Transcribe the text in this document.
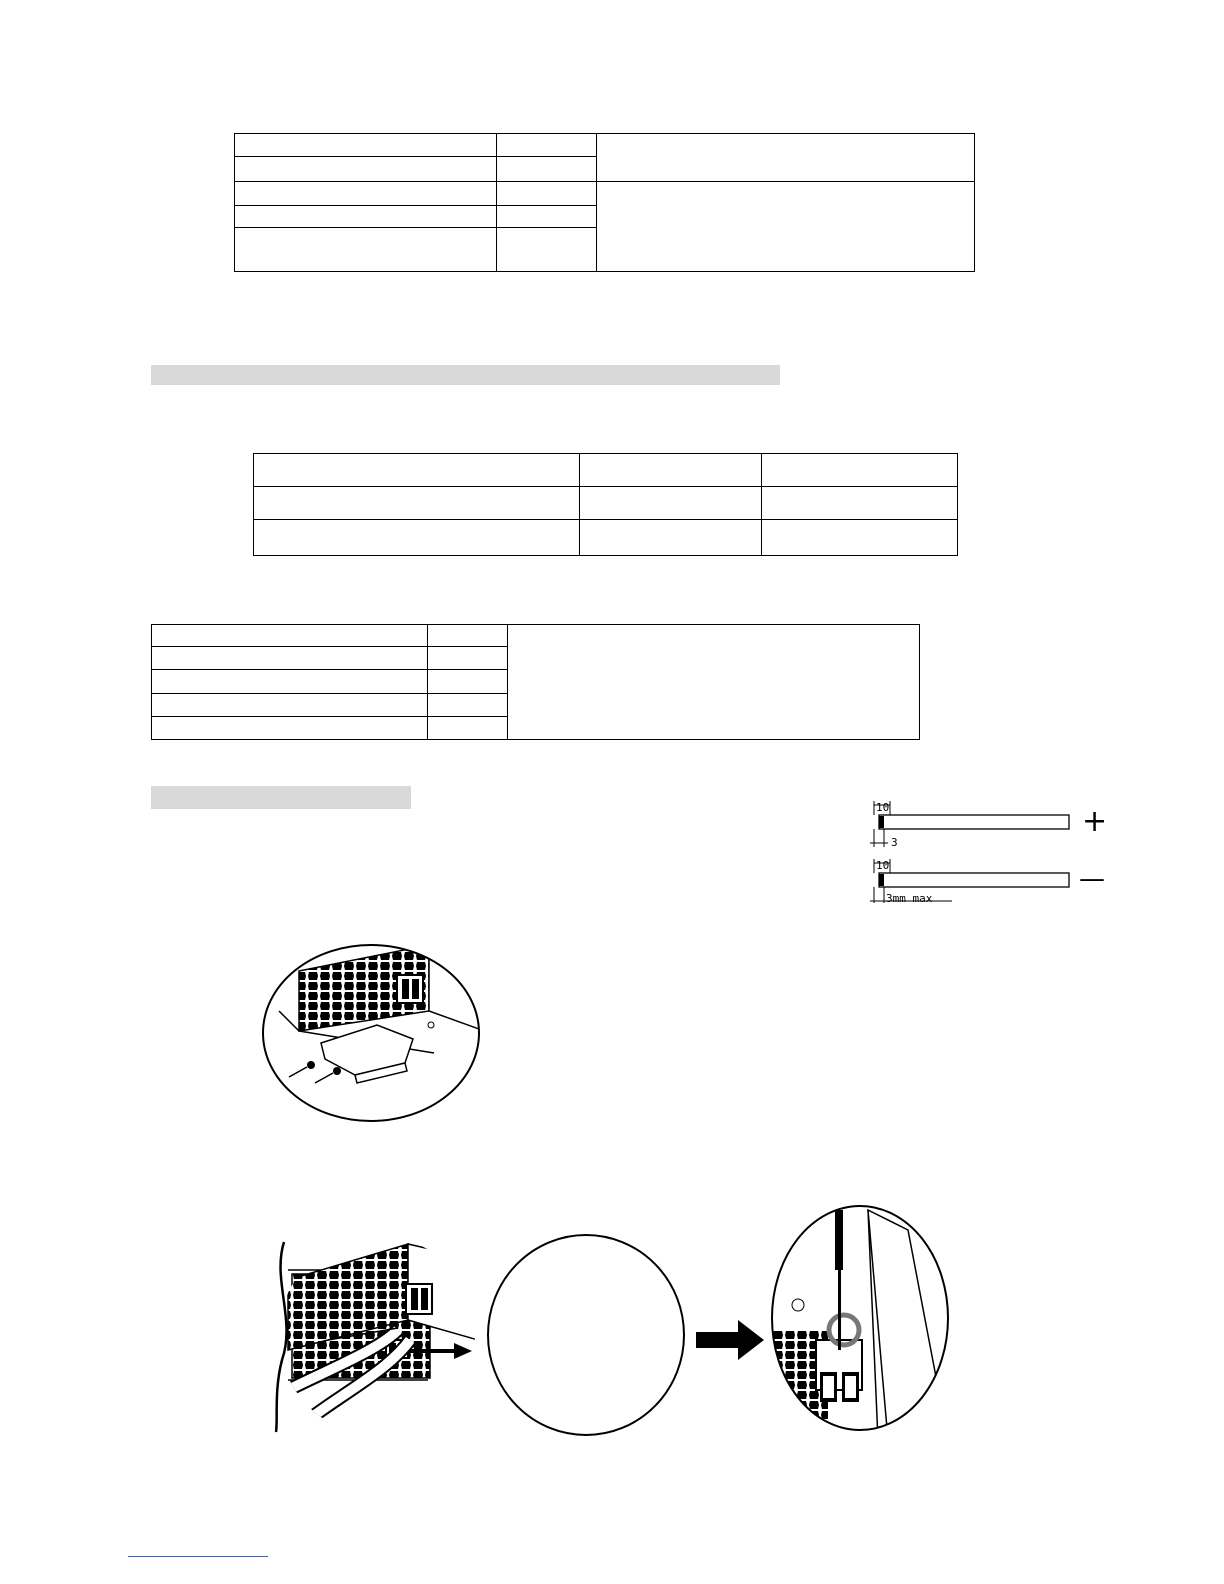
10
3
+
10
3mm max
—
